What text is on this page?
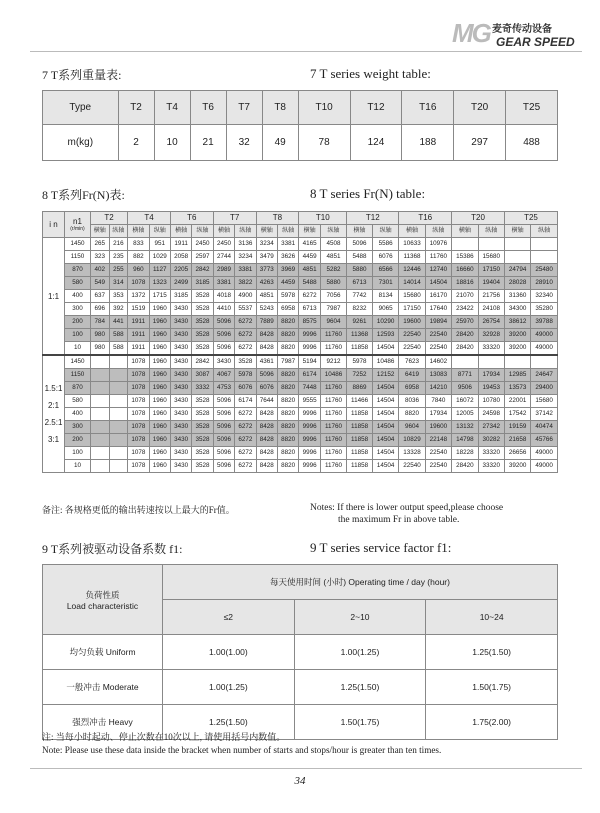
MG 麦奇传动设备
GEAR SPEED
7 T系列重量表:	7 T series weight table:
Type	T2	T4	T6	T7	T8	T10	T12	T16	T20	T25
m(kg)	2	10	21	32	49	78	124	188	297	488
8 T系列Fr(N)表:	8 T series Fr(N) table:
i n	n1
(r/min)	T2		T4		T6		T7		T8		T10		T12		T16		T20		T25	
		横轴	纵轴	横轴	纵轴	横轴	纵轴	横轴	纵轴	横轴	纵轴	横轴	纵轴	横轴	纵轴	横轴	纵轴	横轴	纵轴	横轴	纵轴
1:1	1450	265	216	833	951	1911	2450	2450	3136	3234	3381	4165	4508	5096	5586	10633	10976				
	1150	323	235	882	1029	2058	2597	2744	3234	3479	3626	4459	4851	5488	6076	11368	11760	15386	15680		
	870	402	255	960	1127	2205	2842	2989	3381	3773	3969	4851	5282	5880	6566	12446	12740	16660	17150	24794	25480
	580	549	314	1078	1323	2499	3185	3381	3822	4263	4459	5488	5880	6713	7301	14014	14504	18816	19404	28028	28910
	400	637	353	1372	1715	3185	3528	4018	4900	4851	5978	6272	7056	7742	8134	15680	16170	21070	21756	31360	32340
	300	696	392	1519	1960	3430	3528	4410	5537	5243	6958	6713	7987	8232	9065	17150	17640	23422	24108	34300	35280
	200	784	441	1911	1960	3430	3528	5096	6272	7889	8820	8575	9604	9261	10290	19600	19894	25970	26754	38612	39788
	100	980	588	1911	1960	3430	3528	5096	6272	8428	8820	9996	11760	11368	12593	22540	22540	28420	32928	39200	49000
	10	980	588	1911	1960	3430	3528	5096	6272	8428	8820	9996	11760	11858	14504	22540	22540	28420	33320	39200	49000

1.5:1
2:1
2.5:1
3:1	1450			1078	1960	3430	2842	3430	3528	4361	7987	5194	9212	5978	10486	7623	14602				
	1150			1078	1960	3430	3087	4067	5978	5096	8820	6174	10486	7252	12152	6419	13083	8771	17934	12985	24647
	870			1078	1960	3430	3332	4753	6076	6076	8820	7448	11760	8869	14504	6958	14210	9506	19453	13573	29400
	580			1078	1960	3430	3528	5096	6174	7644	8820	9555	11760	11466	14504	8036	7840	16072	10780	22001	15680
	400			1078	1960	3430	3528	5096	6272	8428	8820	9996	11760	11858	14504	8820	17934	12005	24598	17542	37142
	300			1078	1960	3430	3528	5096	6272	8428	8820	9996	11760	11858	14504	9604	19600	13132	27342	19159	40474
	200			1078	1960	3430	3528	5096	6272	8428	8820	9996	11760	11858	14504	10829	22148	14798	30282	21658	45766
	100			1078	1960	3430	3528	5096	6272	8428	8820	9996	11760	11858	14504	13328	22540	18228	33320	26656	49000
	10			1078	1960	3430	3528	5096	6272	8428	8820	9996	11760	11858	14504	22540	22540	28420	33320	39200	49000
备注: 各规格更低的输出转速按以上最大的Fr值。	Notes: If there is lower output speed,please choose
the maximum Fr in above table.
9 T系列被驱动设备系数 f1:	9 T series service factor f1:
负荷性质
Load characteristic	每天使用时间 (小时) Operating time / day (hour)		
	≤2	2~10	10~24
均匀负载 Uniform	1.00(1.00)	1.00(1.25)	1.25(1.50)
一般冲击 Moderate	1.00(1.25)	1.25(1.50)	1.50(1.75)
强烈冲击 Heavy	1.25(1.50)	1.50(1.75)	1.75(2.00)
注: 当每小时起动、停止次数在10次以上, 请使用括号内数值。
Note: Please use these data inside the bracket when number of starts and stops/hour is greater than ten times.
34
